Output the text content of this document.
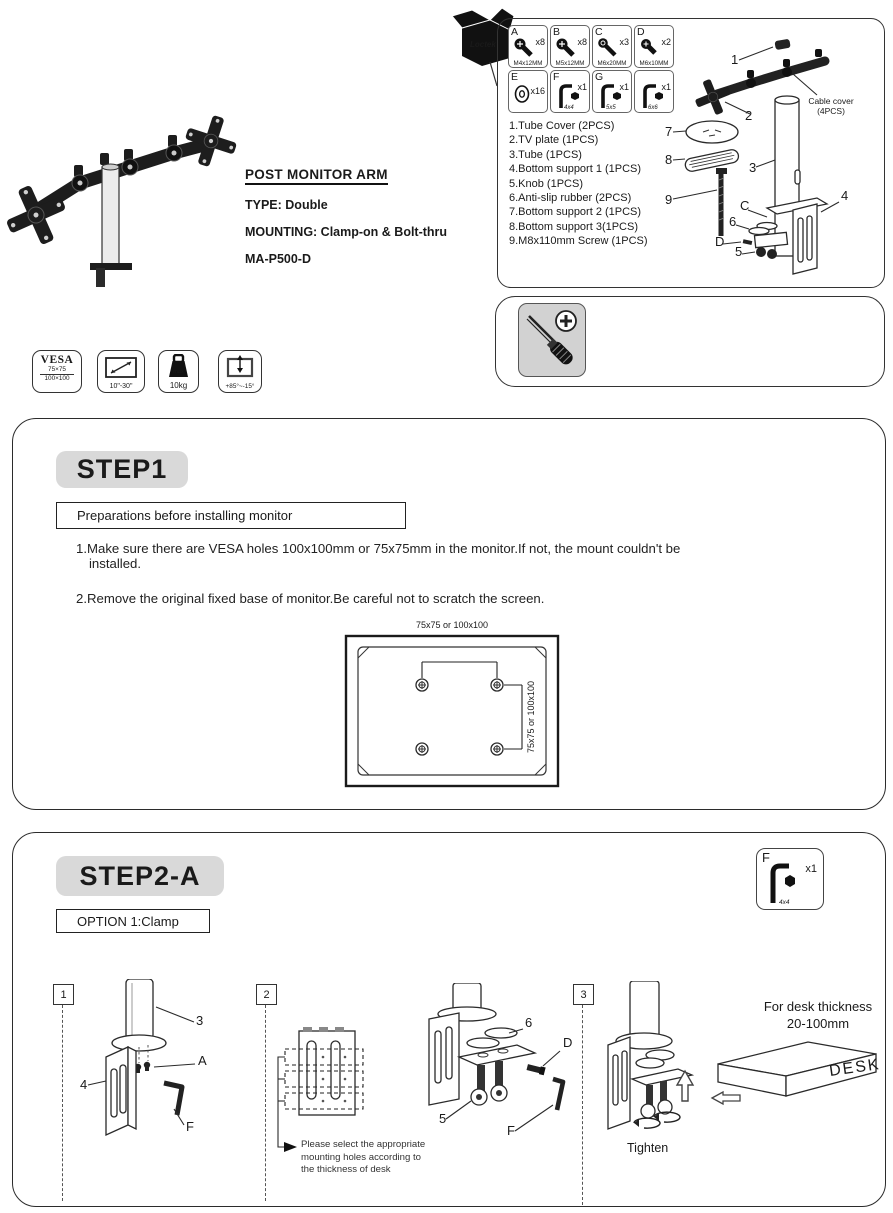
POST MONITOR ARM
TYPE: Double
MOUNTING: Clamp-on & Bolt-thru
MA-P500-D
Loctek
A
x8
M4x12MM
B
x8
M5x12MM
C
x3
M6x20MM
D
x2
M6x10MM
E
x16
F
x1
4x4
G
x1
5x5
x1
6x6
1.Tube Cover (2PCS)
2.TV plate (1PCS)
3.Tube (1PCS)
4.Bottom support 1 (1PCS)
5.Knob (1PCS)
6.Anti-slip rubber (2PCS)
7.Bottom support 2 (1PCS)
8.Bottom support 3(1PCS)
9.M8x110mm Screw (1PCS)
1
2
Cable cover
(4PCS)
3
7
8
9	4
C
6
D
5
VESA
75×75
100×100
10"-30"
max
10kg	+85°~-15°
STEP1
Preparations before installing monitor
1.Make sure there are VESA holes 100x100mm or 75x75mm in the monitor.If not, the mount couldn't be
installed.
2.Remove the original fixed base of monitor.Be careful not to scratch the screen.
75x75 or 100x100
75x75 or 100x100
STEP2-A
OPTION 1:Clamp
F
x1
4x4
1	2	3
3
A
4
F
Please select the appropriate
mounting holes according to
the thickness of desk
6
D
5
F
Tighten
For desk thickness
20-100mm
DESK
